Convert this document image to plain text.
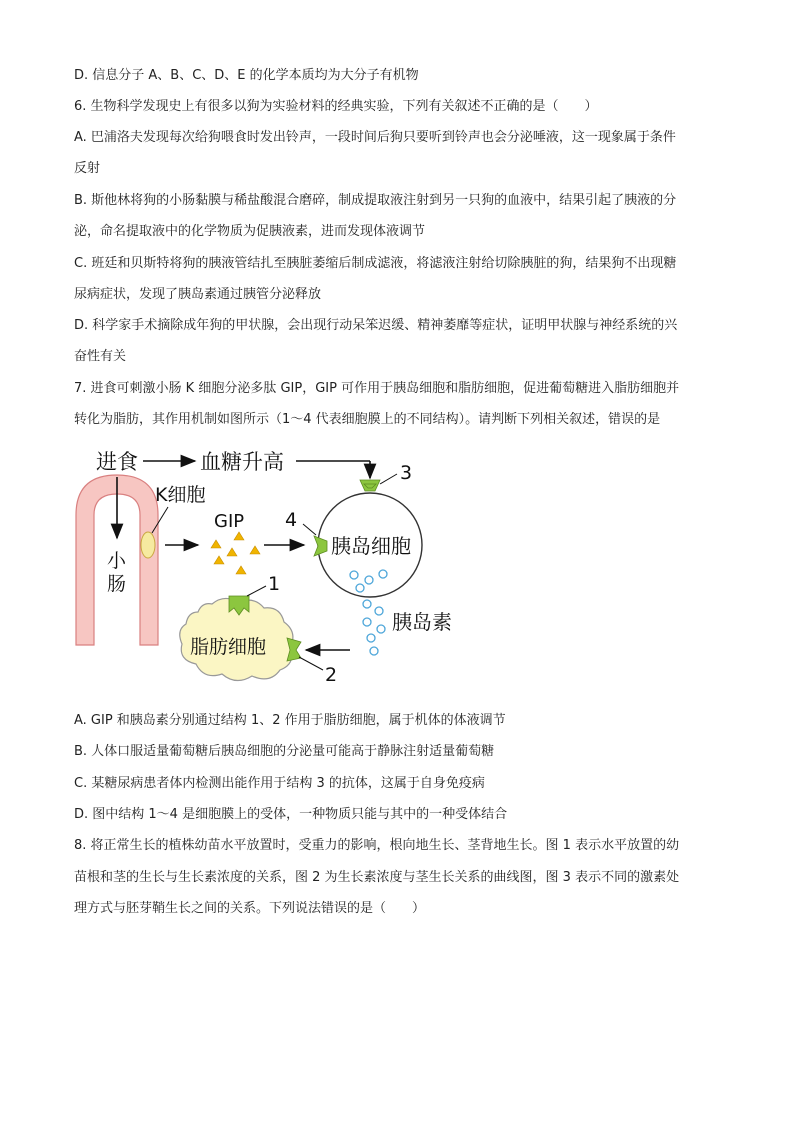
D. 信息分子 A、B、C、D、E 的化学本质均为大分子有机物
6. 生物科学发现史上有很多以狗为实验材料的经典实验，下列有关叙述不正确的是（　　）
A. 巴浦洛夫发现每次给狗喂食时发出铃声，一段时间后狗只要听到铃声也会分泌唾液，这一现象属于条件
反射
B. 斯他林将狗的小肠黏膜与稀盐酸混合磨碎，制成提取液注射到另一只狗的血液中，结果引起了胰液的分
泌，命名提取液中的化学物质为促胰液素，进而发现体液调节
C. 班廷和贝斯特将狗的胰液管结扎至胰脏萎缩后制成滤液，将滤液注射给切除胰脏的狗，结果狗不出现糖
尿病症状，发现了胰岛素通过胰管分泌释放
D. 科学家手术摘除成年狗的甲状腺，会出现行动呆笨迟缓、精神萎靡等症状，证明甲状腺与神经系统的兴
奋性有关
7. 进食可刺激小肠 K 细胞分泌多肽 GIP，GIP 可作用于胰岛细胞和脂肪细胞，促进葡萄糖进入脂肪细胞并
转化为脂肪，其作用机制如图所示（1～4 代表细胞膜上的不同结构）。请判断下列相关叙述，错误的是
进食	血糖升高
小
肠
K细胞
GIP
胰岛细胞
3
4
胰岛素
脂肪细胞
1
2
A. GIP 和胰岛素分别通过结构 1、2 作用于脂肪细胞，属于机体的体液调节
B. 人体口服适量葡萄糖后胰岛细胞的分泌量可能高于静脉注射适量葡萄糖
C. 某糖尿病患者体内检测出能作用于结构 3 的抗体，这属于自身免疫病
D. 图中结构 1～4 是细胞膜上的受体，一种物质只能与其中的一种受体结合
8. 将正常生长的植株幼苗水平放置时，受重力的影响，根向地生长、茎背地生长。图 1 表示水平放置的幼
苗根和茎的生长与生长素浓度的关系，图 2 为生长素浓度与茎生长关系的曲线图，图 3 表示不同的激素处
理方式与胚芽鞘生长之间的关系。下列说法错误的是（　　）
